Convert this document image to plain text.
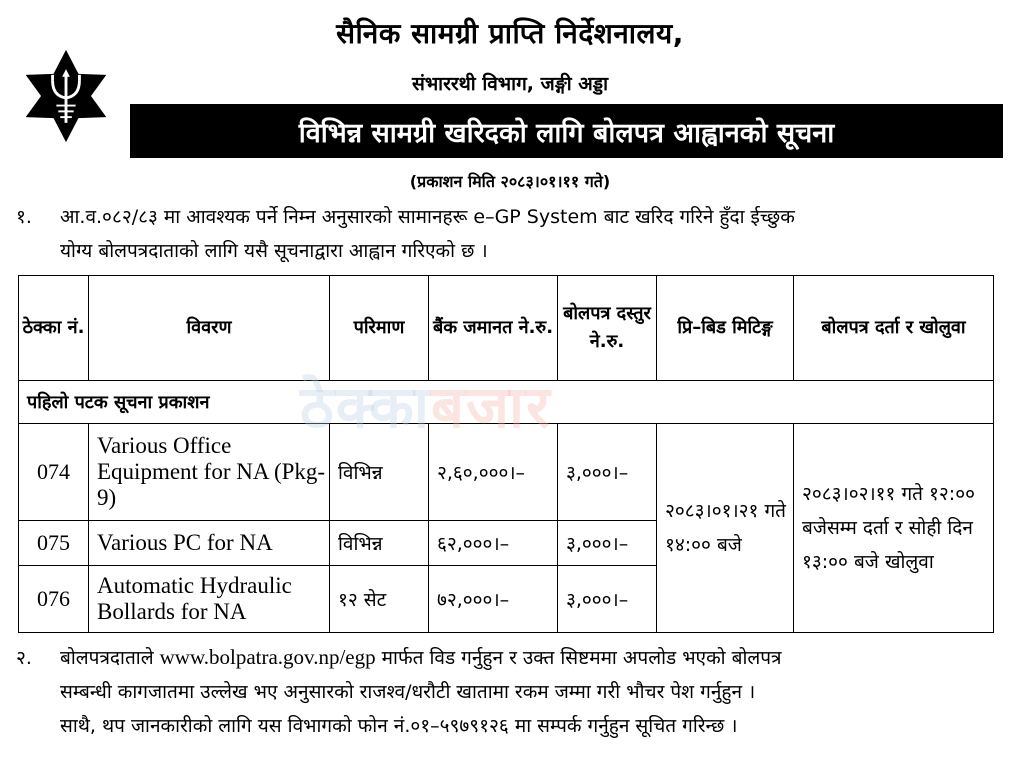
सैनिक सामग्री प्राप्ति निर्देशनालय,
संभाररथी विभाग, जङ्गी अड्डा
विभिन्न सामग्री खरिदको लागि बोलपत्र आह्वानको सूचना
(प्रकाशन मिति २०८३।०१।११ गते)
१. आ.व.०८२/८३ मा आवश्यक पर्ने निम्न अनुसारको सामानहरू e–GP System बाट खरिद गरिने हुँदा ईच्छुक
योग्य बोलपत्रदाताको लागि यसै सूचनाद्वारा आह्वान गरिएको छ ।
ठेक्का नं.	विवरण	परिमाण	बैंक जमानत ने.रु.	बोलपत्र दस्तुर ने.रु.	प्रि–बिड मिटिङ्ग	बोलपत्र दर्ता र खोलुवा
पहिलो पटक सूचना प्रकाशन						
074	Various Office Equipment for NA (Pkg-9)	विभिन्न	२,६०,०००।–	३,०००।–	२०८३।०१।२१ गते १४:०० बजे	२०८३।०२।११ गते १२:०० बजेसम्म दर्ता र सोही दिन १३:०० बजे खोलुवा
075	Various PC for NA	विभिन्न	६२,०००।–	३,०००।–		
076	Automatic Hydraulic Bollards for NA	१२ सेट	७२,०००।–	३,०००।–		
ठेक्काबजार
२. बोलपत्रदाताले www.bolpatra.gov.np/egp मार्फत विड गर्नुहुन र उक्त सिष्टममा अपलोड भएको बोलपत्र
सम्बन्धी कागजातमा उल्लेख भए अनुसारको राजश्व/धरौटी खातामा रकम जम्मा गरी भौचर पेश गर्नुहुन ।
साथै, थप जानकारीको लागि यस विभागको फोन नं.०१–५९७९१२६ मा सम्पर्क गर्नुहुन सूचित गरिन्छ ।
